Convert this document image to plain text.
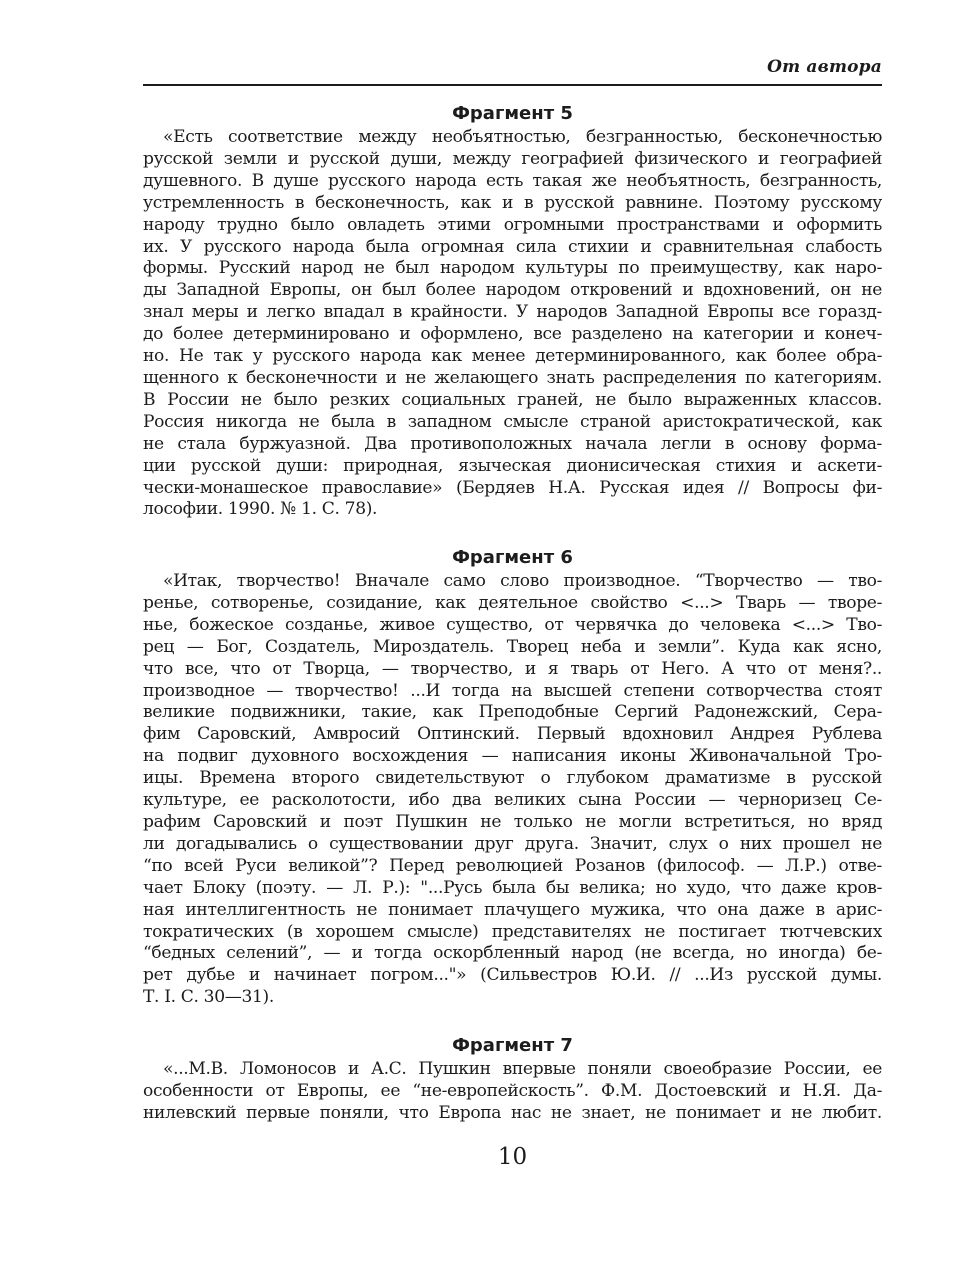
От автора
Фрагмент 5
«Есть соответствие между необъятностью, безгранностью, бесконечностью
русской земли и русской души, между географией физического и географией
душевного. В душе русского народа есть такая же необъятность, безгранность,
устремленность в бесконечность, как и в русской равнине. Поэтому русскому
народу трудно было овладеть этими огромными пространствами и оформить
их. У русского народа была огромная сила стихии и сравнительная слабость
формы. Русский народ не был народом культуры по преимуществу, как наро-
ды Западной Европы, он был более народом откровений и вдохновений, он не
знал меры и легко впадал в крайности. У народов Западной Европы все горазд-
до более детерминировано и оформлено, все разделено на категории и конеч-
но. Не так у русского народа как менее детерминированного, как более обра-
щенного к бесконечности и не желающего знать распределения по категориям.
В России не было резких социальных граней, не было выраженных классов.
Россия никогда не была в западном смысле страной аристократической, как
не стала буржуазной. Два противоположных начала легли в основу форма-
ции русской души: природная, языческая дионисическая стихия и аскети-
чески-монашеское православие» (Бердяев Н.А. Русская идея // Вопросы фи-
лософии. 1990. № 1. С. 78).
Фрагмент 6
«Итак, творчество! Вначале само слово производное. “Творчество — тво-
ренье, сотворенье, созидание, как деятельное свойство <...> Тварь — творе-
нье, божеское созданье, живое существо, от червячка до человека <...> Тво-
рец — Бог, Создатель, Мироздатель. Творец неба и земли”. Куда как ясно,
что все, что от Творца, — творчество, и я тварь от Него. А что от меня?..
производное — творчество! ...И тогда на высшей степени сотворчества стоят
великие подвижники, такие, как Преподобные Сергий Радонежский, Сера-
фим Саровский, Амвросий Оптинский. Первый вдохновил Андрея Рублева
на подвиг духовного восхождения — написания иконы Живоначальной Тро-
ицы. Времена второго свидетельствуют о глубоком драматизме в русской
культуре, ее расколотости, ибо два великих сына России — черноризец Се-
рафим Саровский и поэт Пушкин не только не могли встретиться, но вряд
ли догадывались о существовании друг друга. Значит, слух о них прошел не
“по всей Руси великой”? Перед революцией Розанов (философ. — Л.Р.) отве-
чает Блоку (поэту. — Л. Р.): "...Русь была бы велика; но худо, что даже кров-
ная интеллигентность не понимает плачущего мужика, что она даже в арис-
тократических (в хорошем смысле) представителях не постигает тютчевских
“бедных селений”, — и тогда оскорбленный народ (не всегда, но иногда) бе-
рет дубье и начинает погром..."» (Сильвестров Ю.И. // ...Из русской думы.
Т. I. С. 30—31).
Фрагмент 7
«...М.В. Ломоносов и А.С. Пушкин впервые поняли своеобразие России, ее
особенности от Европы, ее “не-европейскость”. Ф.М. Достоевский и Н.Я. Да-
нилевский первые поняли, что Европа нас не знает, не понимает и не любит.
10
